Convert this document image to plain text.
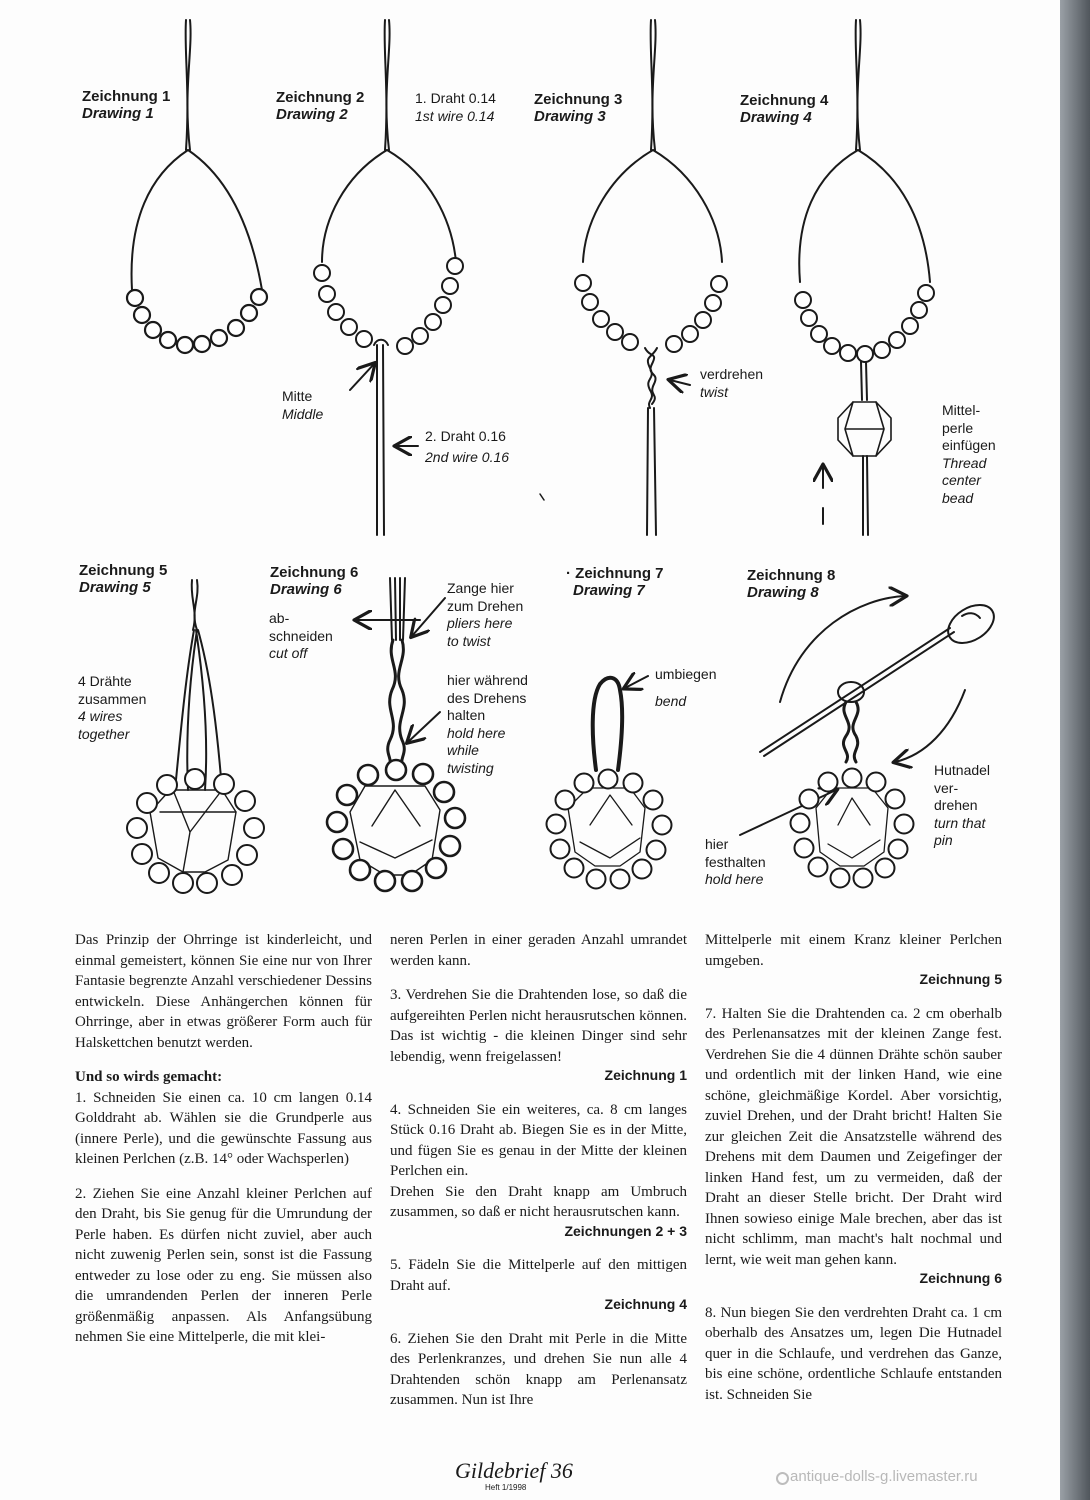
Zeichnung 1
Drawing 1
Zeichnung 2
Drawing 2
Zeichnung 3
Drawing 3
Zeichnung 4
Drawing 4
Zeichnung 5
Drawing 5
Zeichnung 6
Drawing 6
· Zeichnung 7
Drawing 7
Zeichnung 8
Drawing 8
1. Draht 0.14
1st wire 0.14
Mitte
Middle
2. Draht 0.16
2nd wire 0.16
verdrehen
twist
Mittel-
perle
einfügen
Thread
center
bead
4 Drähte
zusammen
4 wires
together
ab-
schneiden
cut off
Zange hier
zum Drehen
pliers here
to twist
hier während
des Drehens
halten
hold here
while
twisting
umbiegen
bend
Hutnadel
ver-
drehen
turn that
pin
hier
festhalten
hold here

Das Prinzip der Ohrringe ist kinderleicht, und einmal gemeistert, können Sie eine nur von Ihrer Fantasie begrenzte Anzahl verschiedener Dessins entwickeln. Diese Anhängerchen können für Ohrringe, aber in etwas größerer Form auch für Halskettchen benutzt werden.

Und so wirds gemacht:

1. Schneiden Sie einen ca. 10 cm langen 0.14 Golddraht ab. Wählen sie die Grundperle aus (innere Perle), und die gewünschte Fassung aus kleinen Perlchen (z.B. 14° oder Wachsperlen)

2. Ziehen Sie eine Anzahl kleiner Perlchen auf den Draht, bis Sie genug für die Umrundung der Perle haben. Es dürfen nicht zuviel, aber auch nicht zuwenig Perlen sein, sonst ist die Fassung entweder zu lose oder zu eng. Sie müssen also die umrandenden Perlen der inneren Perle größenmäßig anpassen. Als Anfangsübung nehmen Sie eine Mittelperle, die mit klei-

neren Perlen in einer geraden Anzahl umrandet werden kann.

3. Verdrehen Sie die Drahtenden lose, so daß die aufgereihten Perlen nicht herausrutschen können. Das ist wichtig - die kleinen Dinger sind sehr lebendig, wenn freigelassen!
Zeichnung 1

4. Schneiden Sie ein weiteres, ca. 8 cm langes Stück 0.16 Draht ab. Biegen Sie es in der Mitte, und fügen Sie es genau in der Mitte der kleinen Perlchen ein.
Drehen Sie den Draht knapp am Umbruch zusammen, so daß er nicht herausrutschen kann.
Zeichnungen 2 + 3

5. Fädeln Sie die Mittelperle auf den mittigen Draht auf.
Zeichnung 4

6. Ziehen Sie den Draht mit Perle in die Mitte des Perlenkranzes, und drehen Sie nun alle 4 Drahtenden schön knapp am Perlenansatz zusammen. Nun ist Ihre

Mittelperle mit einem Kranz kleiner Perlchen umgeben.
Zeichnung 5

7. Halten Sie die Drahtenden ca. 2 cm oberhalb des Perlenansatzes mit der kleinen Zange fest. Verdrehen Sie die 4 dünnen Drähte schön sauber und ordentlich mit der linken Hand, wie eine schöne, gleichmäßige Kordel. Aber vorsichtig, zuviel Drehen, und der Draht bricht! Halten Sie zur gleichen Zeit die Ansatzstelle während des Drehens mit dem Daumen und Zeigefinger der linken Hand fest, um zu vermeiden, daß der Draht an dieser Stelle bricht. Der Draht wird Ihnen sowieso einige Male brechen, aber das ist nicht schlimm, man macht's halt nochmal und lernt, wie weit man gehen kann.
Zeichnung 6

8. Nun biegen Sie den verdrehten Draht ca. 1 cm oberhalb des Ansatzes um, legen Die Hutnadel quer in die Schlaufe, und verdrehen das Ganze, bis eine schöne, ordentliche Schlaufe entstanden ist. Schneiden Sie

Gildebrief 36
Heft 1/1998
antique-dolls-g.livemaster.ru
